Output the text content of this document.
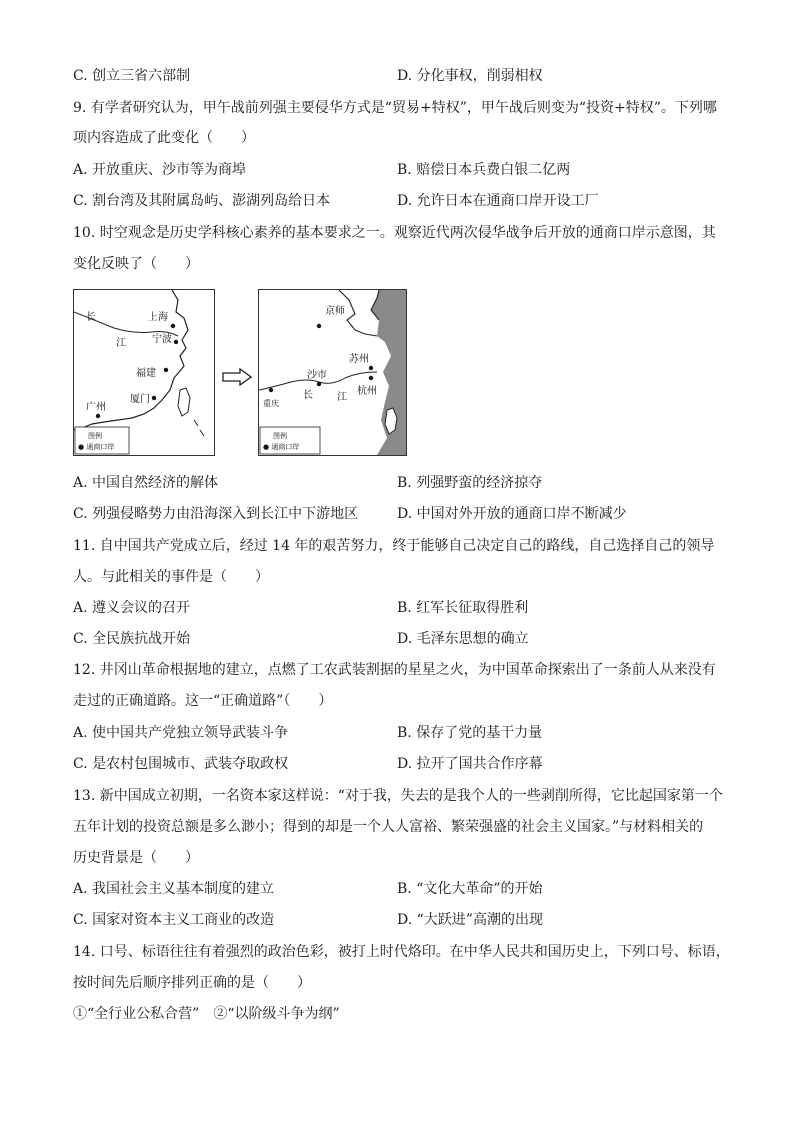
C. 创立三省六部制	D. 分化事权，削弱相权
9. 有学者研究认为，甲午战前列强主要侵华方式是“贸易+特权”，甲午战后则变为“投资+特权”。下列哪
项内容造成了此变化（　　）
A. 开放重庆、沙市等为商埠	B. 赔偿日本兵费白银二亿两
C. 割台湾及其附属岛屿、澎湖列岛给日本	D. 允许日本在通商口岸开设工厂
10. 时空观念是历史学科核心素养的基本要求之一。观察近代两次侵华战争后开放的通商口岸示意图，其
变化反映了（　　）
长
江
上海
宁波
福建
厦门
广州
图例
● 通商口岸
京师
苏州
沙市
长 江
杭州
重庆
图例
● 通商口岸
A. 中国自然经济的解体	B. 列强野蛮的经济掠夺
C. 列强侵略势力由沿海深入到长江中下游地区	D. 中国对外开放的通商口岸不断减少
11. 自中国共产党成立后，经过 14 年的艰苦努力，终于能够自己决定自己的路线，自己选择自己的领导
人。与此相关的事件是（　　）
A. 遵义会议的召开	B. 红军长征取得胜利
C. 全民族抗战开始	D. 毛泽东思想的确立
12. 井冈山革命根据地的建立，点燃了工农武装割据的星星之火，为中国革命探索出了一条前人从来没有
走过的正确道路。这一“正确道路”（　　）
A. 使中国共产党独立领导武装斗争	B. 保存了党的基干力量
C. 是农村包围城市、武装夺取政权	D. 拉开了国共合作序幕
13. 新中国成立初期，一名资本家这样说：“对于我，失去的是我个人的一些剥削所得，它比起国家第一个
五年计划的投资总额是多么渺小；得到的却是一个人人富裕、繁荣强盛的社会主义国家。”与材料相关的
历史背景是（　　）
A. 我国社会主义基本制度的建立	B. “文化大革命”的开始
C. 国家对资本主义工商业的改造	D. “大跃进”高潮的出现
14. 口号、标语往往有着强烈的政治色彩，被打上时代烙印。在中华人民共和国历史上，下列口号、标语，
按时间先后顺序排列正确的是（　　）
①“全行业公私合营”　②“以阶级斗争为纲”
